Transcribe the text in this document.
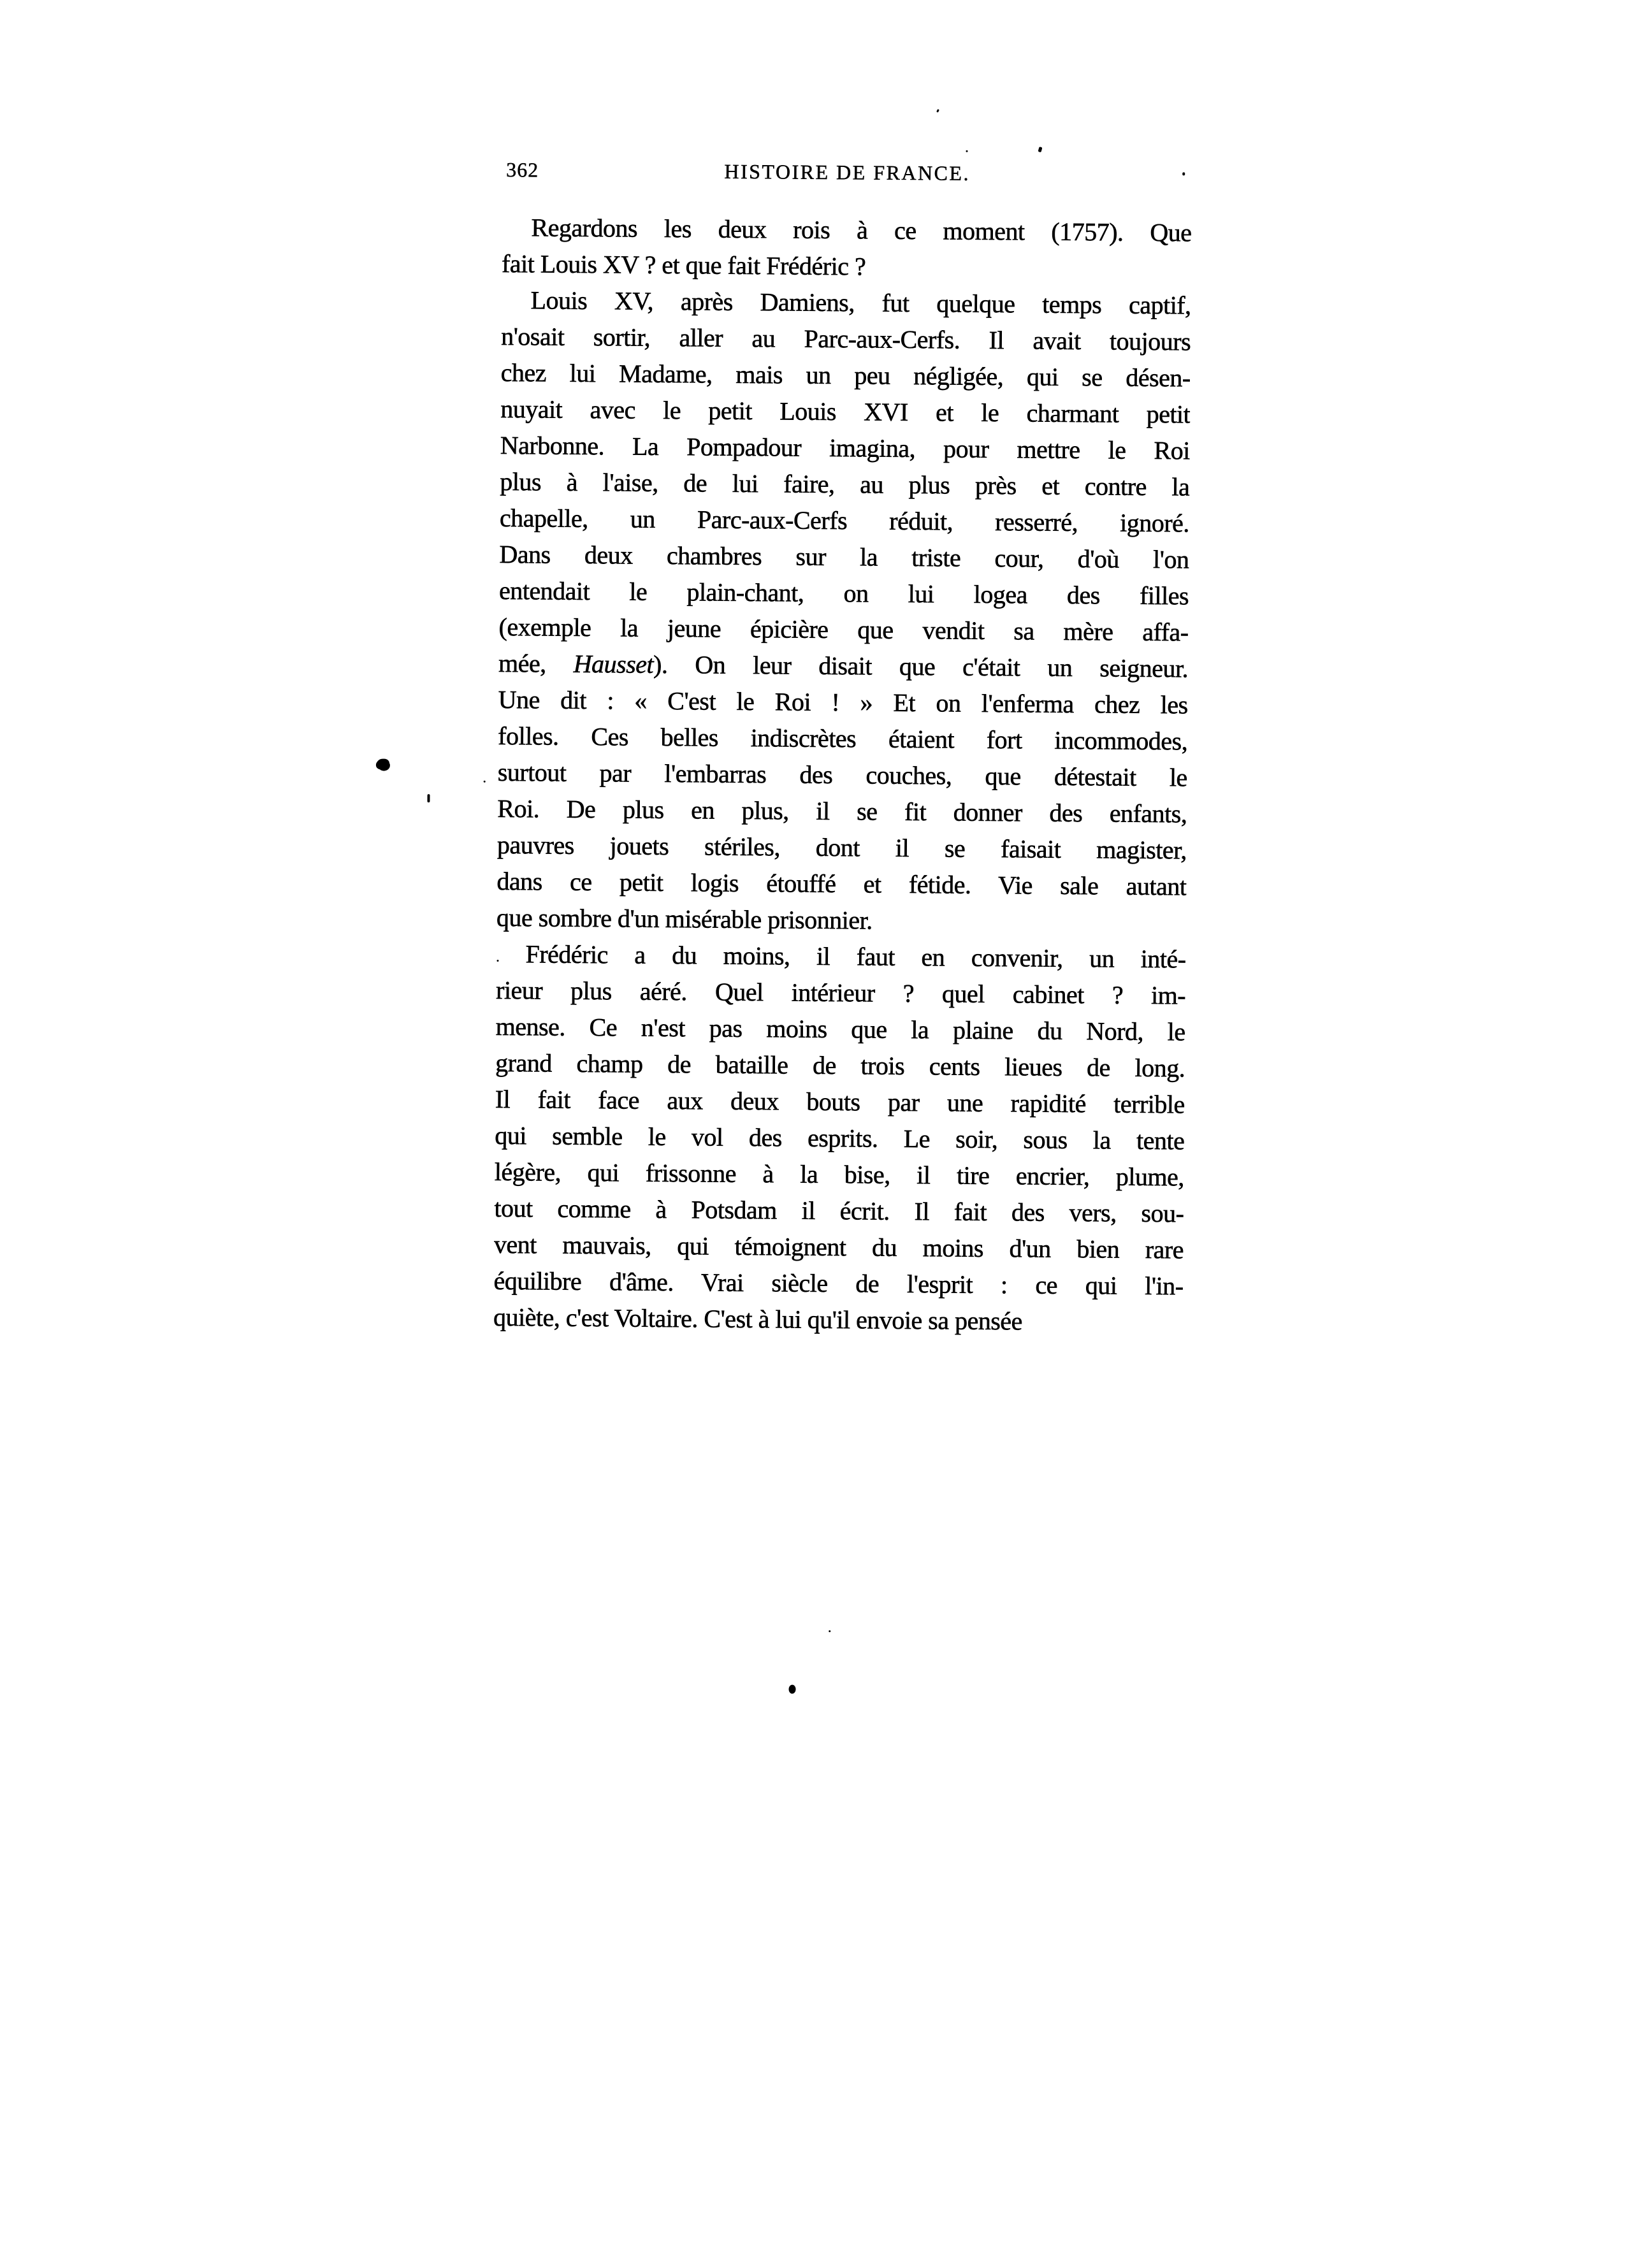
362	HISTOIRE DE FRANCE.
Regardons les deux rois à ce moment (1757). Que
fait Louis XV ? et que fait Frédéric ?
Louis XV, après Damiens, fut quelque temps captif,
n'osait sortir, aller au Parc-aux-Cerfs. Il avait toujours
chez lui Madame, mais un peu négligée, qui se désen-
nuyait avec le petit Louis XVI et le charmant petit
Narbonne. La Pompadour imagina, pour mettre le Roi
plus à l'aise, de lui faire, au plus près et contre la
chapelle, un Parc-aux-Cerfs réduit, resserré, ignoré.
Dans deux chambres sur la triste cour, d'où l'on
entendait le plain-chant, on lui logea des filles
(exemple la jeune épicière que vendit sa mère affa-
mée, Hausset). On leur disait que c'était un seigneur.
Une dit : « C'est le Roi ! » Et on l'enferma chez les
folles. Ces belles indiscrètes étaient fort incommodes,
surtout par l'embarras des couches, que détestait le
Roi. De plus en plus, il se fit donner des enfants,
pauvres jouets stériles, dont il se faisait magister,
dans ce petit logis étouffé et fétide. Vie sale autant
que sombre d'un misérable prisonnier.
Frédéric a du moins, il faut en convenir, un inté-
rieur plus aéré. Quel intérieur ? quel cabinet ? im-
mense. Ce n'est pas moins que la plaine du Nord, le
grand champ de bataille de trois cents lieues de long.
Il fait face aux deux bouts par une rapidité terrible
qui semble le vol des esprits. Le soir, sous la tente
légère, qui frissonne à la bise, il tire encrier, plume,
tout comme à Potsdam il écrit. Il fait des vers, sou-
vent mauvais, qui témoignent du moins d'un bien rare
équilibre d'âme. Vrai siècle de l'esprit : ce qui l'in-
quiète, c'est Voltaire. C'est à lui qu'il envoie sa pensée
